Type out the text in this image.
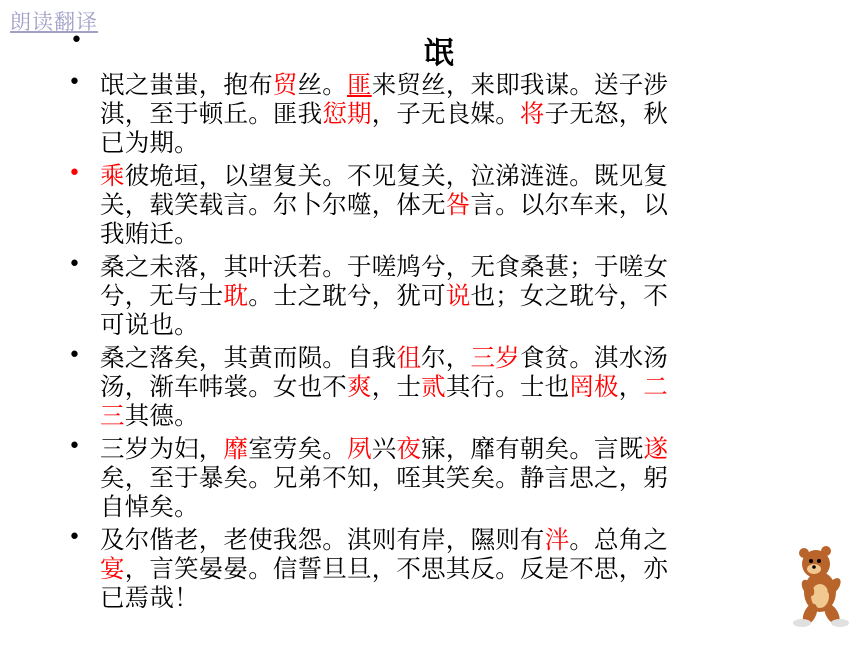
朗读翻译
•	氓
• 氓之蚩蚩，抱布贸丝。匪来贸丝，来即我谋。送子涉
淇，至于顿丘。匪我愆期，子无良媒。将子无怒，秋
已为期。
• 乘彼垝垣，以望复关。不见复关，泣涕涟涟。既见复
关，载笑载言。尔卜尔噬，体无咎言。以尔车来，以
我贿迁。
• 桑之未落，其叶沃若。于嗟鸠兮，无食桑葚；于嗟女
兮，无与士耽。士之耽兮，犹可说也；女之耽兮，不
可说也。
• 桑之落矣，其黄而陨。自我徂尔，三岁食贫。淇水汤
汤，渐车帏裳。女也不爽，士贰其行。士也罔极，二
三其德。
• 三岁为妇，靡室劳矣。夙兴夜寐，靡有朝矣。言既遂
矣，至于暴矣。兄弟不知，咥其笑矣。静言思之，躬
自悼矣。
• 及尔偕老，老使我怨。淇则有岸，隰则有泮。总角之
宴，言笑晏晏。信誓旦旦，不思其反。反是不思，亦
已焉哉！
